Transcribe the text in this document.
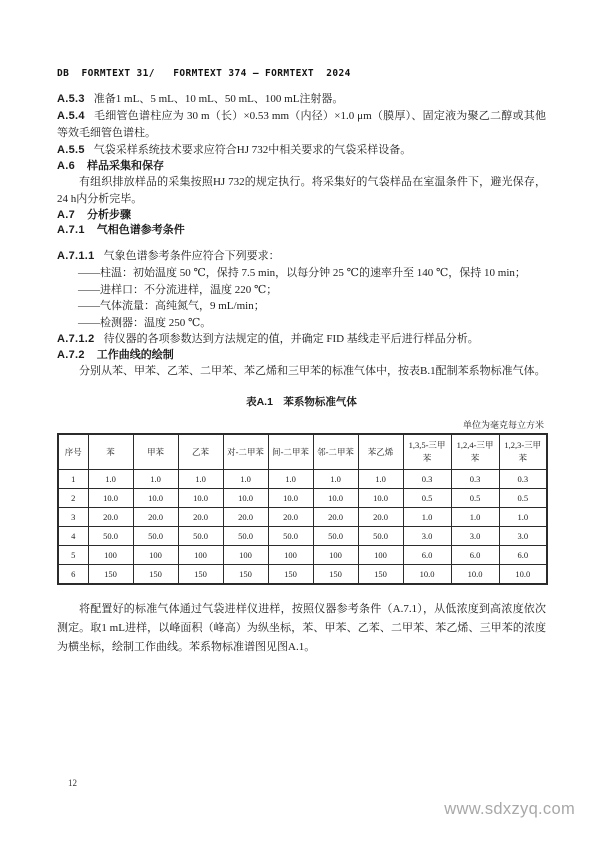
DB  FORMTEXT 31/   FORMTEXT 374 — FORMTEXT  2024

A.5.3 准备1 mL、5 mL、10 mL、50 mL、100 mL注射器。

A.5.4 毛细管色谱柱应为 30 m（长）×0.53 mm（内径）×1.0 μm（膜厚）、固定液为聚乙二醇或其他等效毛细管色谱柱。

A.5.5 气袋采样系统技术要求应符合HJ 732中相关要求的气袋采样设备。

A.6 样品采集和保存

有组织排放样品的采集按照HJ 732的规定执行。将采集好的气袋样品在室温条件下，避光保存，24 h内分析完毕。

A.7 分析步骤
A.7.1 气相色谱参考条件

A.7.1.1 气象色谱参考条件应符合下列要求：

——柱温：初始温度 50 ℃，保持 7.5 min，以每分钟 25 ℃的速率升至 140 ℃，保持 10 min；
——进样口：不分流进样，温度 220 ℃；
——气体流量：高纯氮气，9 mL/min；
——检测器：温度 250 ℃。

A.7.1.2 待仪器的各项参数达到方法规定的值，并确定 FID 基线走平后进行样品分析。

A.7.2 工作曲线的绘制

分别从苯、甲苯、乙苯、二甲苯、苯乙烯和三甲苯的标准气体中，按表B.1配制苯系物标准气体。

表A.1　苯系物标准气体
单位为毫克每立方米
序号	苯	甲苯	乙苯	对-二甲苯	间-二甲苯	邻-二甲苯	苯乙烯	1,3,5-三甲苯	1,2,4-三甲苯	1,2,3-三甲苯
1	1.0	1.0	1.0	1.0	1.0	1.0	1.0	0.3	0.3	0.3
2	10.0	10.0	10.0	10.0	10.0	10.0	10.0	0.5	0.5	0.5
3	20.0	20.0	20.0	20.0	20.0	20.0	20.0	1.0	1.0	1.0
4	50.0	50.0	50.0	50.0	50.0	50.0	50.0	3.0	3.0	3.0
5	100	100	100	100	100	100	100	6.0	6.0	6.0
6	150	150	150	150	150	150	150	10.0	10.0	10.0

将配置好的标准气体通过气袋进样仪进样，按照仪器参考条件（A.7.1），从低浓度到高浓度依次测定。取1 mL进样，以峰面积（峰高）为纵坐标，苯、甲苯、乙苯、二甲苯、苯乙烯、三甲苯的浓度为横坐标，绘制工作曲线。苯系物标准谱图见图A.1。

12
www.sdxzyq.com
